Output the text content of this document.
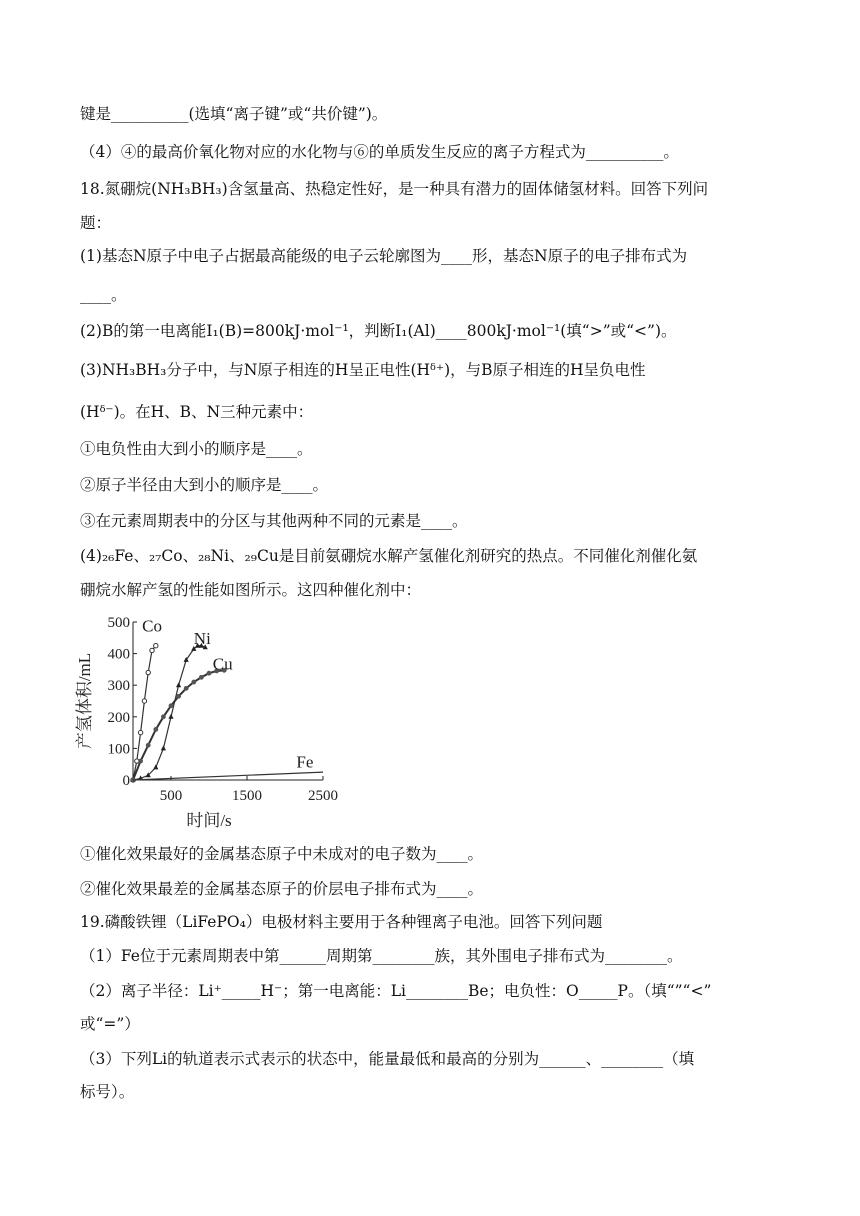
键是__________(选填“离子键”或“共价键”)。
（4）④的最高价氧化物对应的水化物与⑥的单质发生反应的离子方程式为__________。
18.氮硼烷(NH₃BH₃)含氢量高、热稳定性好，是一种具有潜力的固体储氢材料。回答下列问
题：
(1)基态N原子中电子占据最高能级的电子云轮廓图为____形，基态N原子的电子排布式为
____。
(2)B的第一电离能I₁(B)=800kJ·mol⁻¹，判断I₁(Al)____800kJ·mol⁻¹(填“>”或“<”)。
(3)NH₃BH₃分子中，与N原子相连的H呈正电性(Hᵟ⁺)，与B原子相连的H呈负电性
(Hᵟ⁻)。在H、B、N三种元素中：
①电负性由大到小的顺序是____。
②原子半径由大到小的顺序是____。
③在元素周期表中的分区与其他两种不同的元素是____。
(4)₂₆Fe、₂₇Co、₂₈Ni、₂₉Cu是目前氨硼烷水解产氢催化剂研究的热点。不同催化剂催化氨
硼烷水解产氢的性能如图所示。这四种催化剂中：
0
100
200
300
400
500
500	1500	2500
产氢体积/mL
时间/s
Co
Ni
Cu
Fe
①催化效果最好的金属基态原子中未成对的电子数为____。
②催化效果最差的金属基态原子的价层电子排布式为____。
19.磷酸铁锂（LiFePO₄）电极材料主要用于各种锂离子电池。回答下列问题
（1）Fe位于元素周期表中第______周期第________族，其外围电子排布式为________。
（2）离子半径：Li⁺_____H⁻；第一电离能：Li________Be；电负性：O_____P。（填“”“<”
或“=”）
（3）下列Li的轨道表示式表示的状态中，能量最低和最高的分别为______、________（填
标号）。
